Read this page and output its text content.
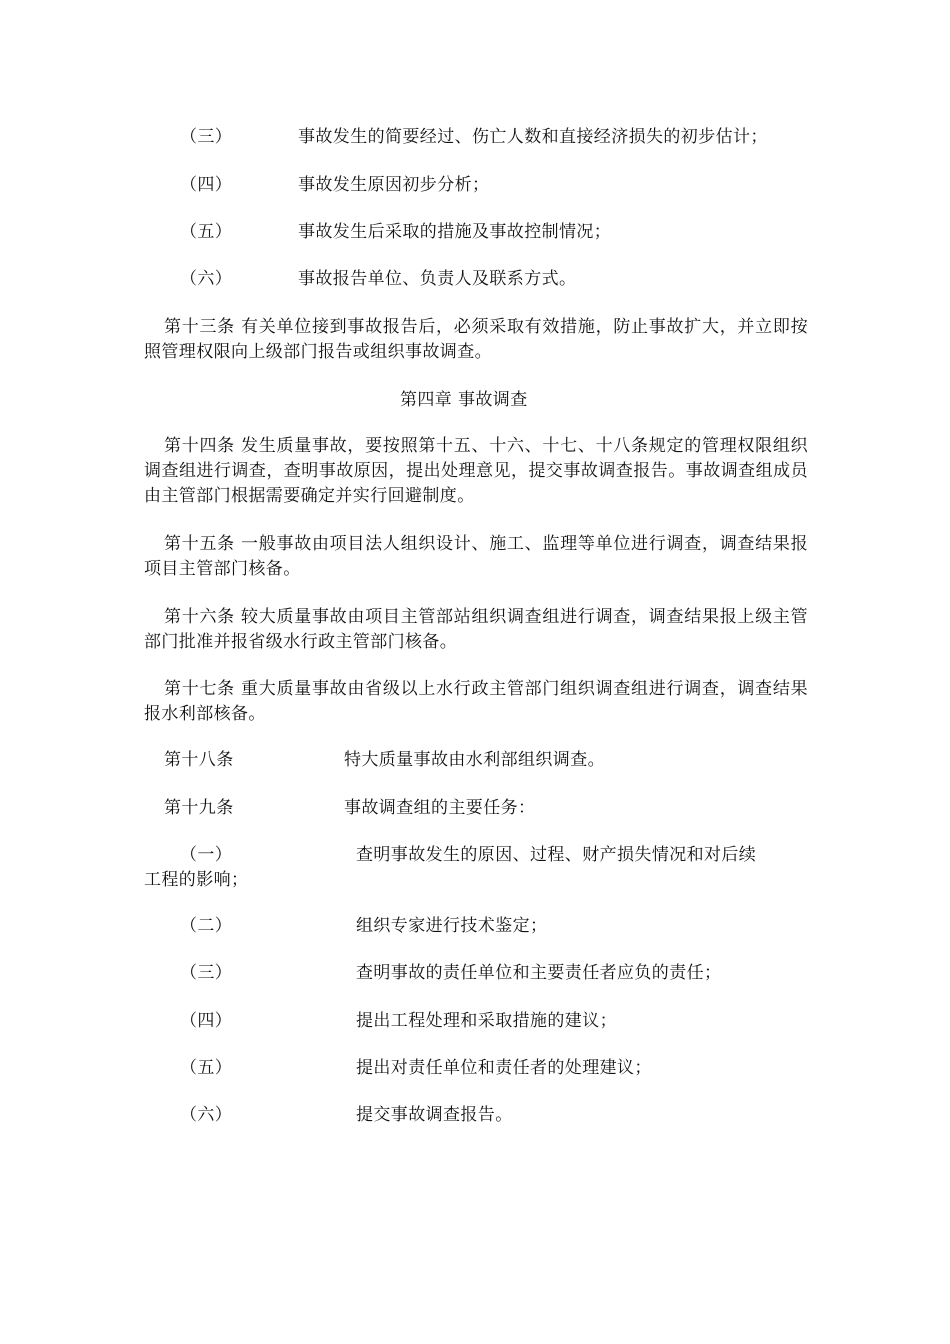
（三）	事故发生的简要经过、伤亡人数和直接经济损失的初步估计；
（四）	事故发生原因初步分析；
（五）	事故发生后采取的措施及事故控制情况；
（六）	事故报告单位、负责人及联系方式。
第十三条 有关单位接到事故报告后，必须采取有效措施，防止事故扩大，并立即按照管理权限向上级部门报告或组织事故调查。
第四章 事故调查
第十四条 发生质量事故，要按照第十五、十六、十七、十八条规定的管理权限组织调查组进行调查，查明事故原因，提出处理意见，提交事故调查报告。事故调查组成员由主管部门根据需要确定并实行回避制度。
第十五条 一般事故由项目法人组织设计、施工、监理等单位进行调查，调查结果报项目主管部门核备。
第十六条 较大质量事故由项目主管部站组织调查组进行调查，调查结果报上级主管部门批准并报省级水行政主管部门核备。
第十七条 重大质量事故由省级以上水行政主管部门组织调查组进行调查，调查结果报水利部核备。
第十八条	特大质量事故由水利部组织调查。
第十九条	事故调查组的主要任务：
（一）	查明事故发生的原因、过程、财产损失情况和对后续
工程的影响；
（二）	组织专家进行技术鉴定；
（三）	查明事故的责任单位和主要责任者应负的责任；
（四）	提出工程处理和采取措施的建议；
（五）	提出对责任单位和责任者的处理建议；
（六）	提交事故调查报告。
